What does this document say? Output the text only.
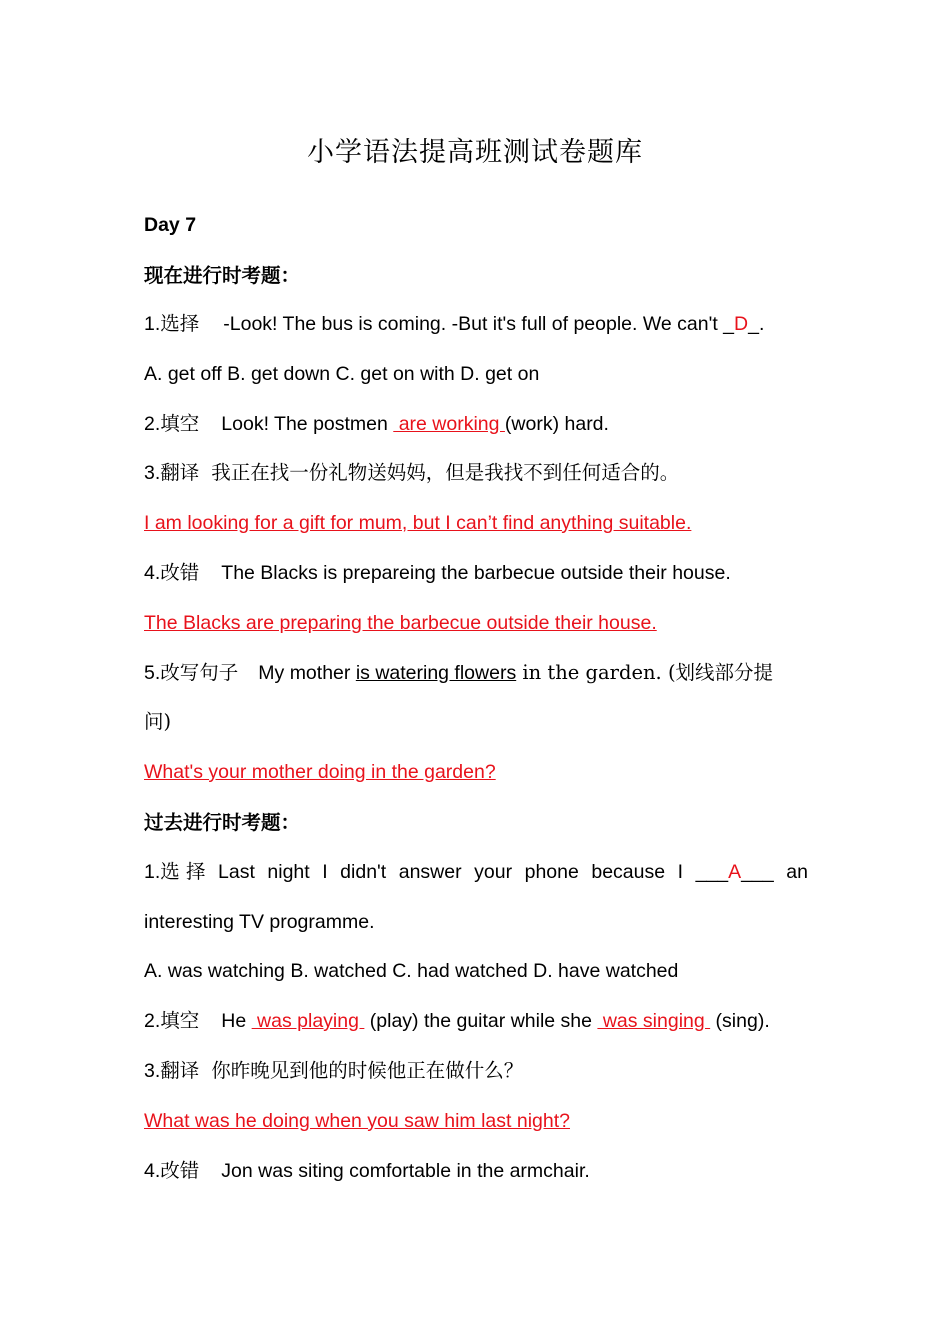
小学语法提高班测试卷题库
Day 7
现在进行时考题：
1.选择 -Look! The bus is coming. -But it's full of people. We can't _D_.
A. get off B. get down C. get on with D. get on
2.填空 Look! The postmen  are working (work) hard.
3.翻译 我正在找一份礼物送妈妈，但是我找不到任何适合的。
I am looking for a gift for mum, but I can’t find anything suitable.
4.改错 The Blacks is prepareing the barbecue outside their house.
The Blacks are preparing the barbecue outside their house.
5.改写句子 My mother is watering flowers in the garden. (划线部分提
问)
What's your mother doing in the garden?
过去进行时考题：
1.选 择 Last night I didn't answer your phone because I ___A___ an
interesting TV programme.
A. was watching B. watched C. had watched D. have watched
2.填空 He  was playing  (play) the guitar while she  was singing  (sing).
3.翻译 你昨晚见到他的时候他正在做什么？
What was he doing when you saw him last night?
4.改错 Jon was siting comfortable in the armchair.
